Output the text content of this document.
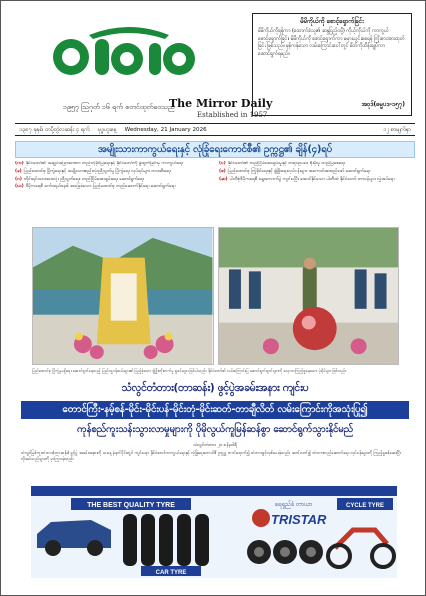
၁၉၅၇ ဩဂုတ် ၁၆ ရက် စတင်ထုတ်ဝေသည်
The Mirror Daily
Established in 1957
မိမိကိုယ်ကို စောင့်ရှောက်ခြင်း
မိမိကိုယ်ကိုရန်ကာ (ထောက်ခံသူ၏ ဆန္ဒပြည့်ဝဖို့) ကိုယ့်ကိုယ်ကို ကာကွယ်စောင့်ရှောက်ခြင်း၊ မိမိကိုယ်ကို စောင့်ရှောက်ကာ မမှားယွင်းစေရန် ကြိုးစားအားထုတ်ခြင်း ဖြစ်သည်။ မှန်ကန်သော လမ်းကြောင်းပေါ်တွင် စိတ်ကိုထိန်းချုပ်ကာ ဆောင်ရွက်ရမည်။
အဝုဒ်(ဓမ္မပဒ-၁၅၇)
၁၃၈၇ ခုနှစ်၊ တပို့တွဲလဆန်း ၄ ရက် ဗုဒ္ဓဟူးနေ့ Wednesday, 21 January 2026	၁၂ စာမျက်နှာ
အမျိုးသားကာကွယ်ရေးနှင့် လုံခြုံရေးကောင်စီ၏ ဥက္ကဋ္ဌ၏ ချိန်(၄)ရပ်
(က) နိုင်ငံတော်၏ အချုပ်အခြာအာဏာ တည်တံ့ခိုင်မြဲရေးနှင့် နိုင်ငံတော်ကို ခွဲထွက်ခြင်းမှ ကာကွယ်ရေး
(ခ) ပြည်ထောင်စု ပြိုကွဲရေးနှင့် အမျိုးသားစည်းလုံးညီညွတ်မှု ပြိုကွဲရေး လုပ်ရပ်များ တားဆီးရေး
(ဂ) တိုင်းရင်းသားအားလုံး ညီညွတ်ရေး၊ တည်ငြိမ်အေးချမ်းရေး ဆောင်ရွက်ရေး
(ဃ) ဒီမိုကရေစီ ဖက်ဒရယ်စနစ် အခြေခံသော ပြည်ထောင်စု တည်ဆောက်နိုင်ရေး ဆောင်ရွက်ရေး
(င) နိုင်ငံတော်၏ တည်ငြိမ်အေးချမ်းမှုနှင့် တရားဥပဒေ စိုးမိုးမှု တည်မြဲစေရေး
(စ) ပြည်ထောင်စု ကြံ့ခိုင်ရေးနှင့် ဖွံ့ဖြိုးရေးလုပ်ငန်းများ အကောင်အထည်ဖော် ဆောင်ရွက်ရေး
(ဆ) ပါတီစုံဒီမိုကရေစီ ရွေးကောက်ပွဲ ကျင်းပပြီး အောင်နိုင်သော ပါတီထံ နိုင်ငံတော် တာဝန်များ လွှဲအပ်ရေး
ပြည်ထောင်စု ပြိုကွဲမှုမရှိရေး ဆောင်ရွက်နေသည့် ပြည်သူ့ဝန်ထမ်းများ၏ ပြည့်စုံသော ဖွံ့ဖြိုးတိုးတက်မှု ရှုခင်းများ ဖြစ်ပါသည်။ နိုင်ငံတော်၏ လမ်းကြောင်းပြ ဆောင်ရွက်ချက်များကို လေ့လာကြည့်ရှုနေသော ပုံရိပ်များ ဖြစ်သည်။
သံလွင်တံတား(တာဆန်း) ဖွင့်ပွဲအခမ်းအနား ကျင်းပ
တောင်ကြီး-နမ့်စန်-မိုင်း-မိုင်းပန်-မိုင်းတုံ-မိုင်းဆတ်-တာချီလိတ် လမ်းကြောင်းကိုအသုံးပြု၍
ကုန်စည်ကူးသန်းသွားလာမှုများကို ပိုမိုလွယ်ကူမြန်ဆန်စွာ ဆောင်ရွက်သွားနိုင်မည်
သံလွင်တံတား ၂၀ ဇန်နဝါရီ
သံလွင်မြစ်ကူးတံတား(တာဆန်း) ဖွင့်ပွဲ အခမ်းအနားကို ယနေ့ နံနက်ပိုင်းတွင် ကျင်းပရာ နိုင်ငံတော်ကာကွယ်ရေးနှင့် လုံခြုံရေးကောင်စီ ဥက္ကဋ္ဌ တက်ရောက်၍ တံတားဖွင့်လှစ်ပေးခဲ့သည်။ ဆက်လက်၍ တံတားတည်ဆောက်ရေး လုပ်ငန်းများကို ကြည့်ရှုစစ်ဆေးပြီး လိုအပ်သည်များကို မှာကြားခဲ့သည်။
THE BEST QUALITY TYRE
CAR TYRE
ရေရှည်ခံ တာယာ
TRISTAR
CYCLE TYRE
